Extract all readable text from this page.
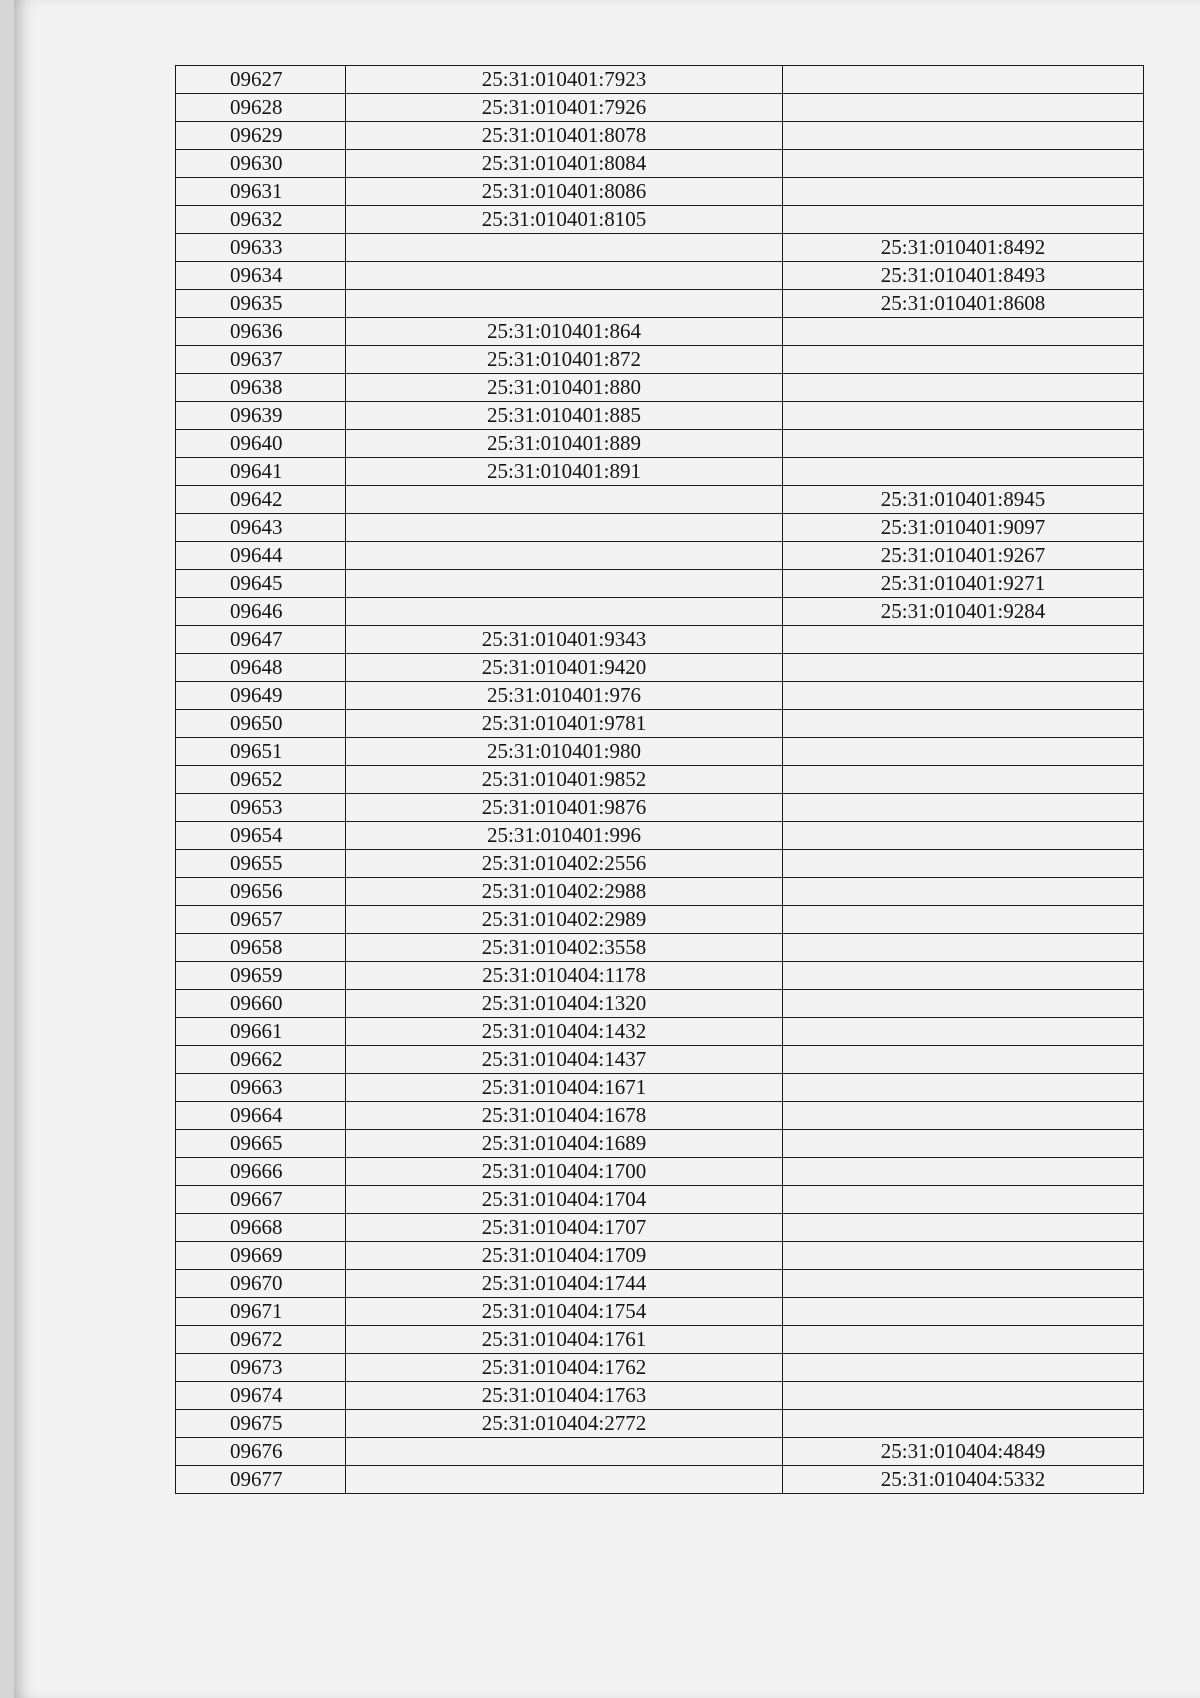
09627	25:31:010401:7923	
09628	25:31:010401:7926	
09629	25:31:010401:8078	
09630	25:31:010401:8084	
09631	25:31:010401:8086	
09632	25:31:010401:8105	
09633		25:31:010401:8492
09634		25:31:010401:8493
09635		25:31:010401:8608
09636	25:31:010401:864	
09637	25:31:010401:872	
09638	25:31:010401:880	
09639	25:31:010401:885	
09640	25:31:010401:889	
09641	25:31:010401:891	
09642		25:31:010401:8945
09643		25:31:010401:9097
09644		25:31:010401:9267
09645		25:31:010401:9271
09646		25:31:010401:9284
09647	25:31:010401:9343	
09648	25:31:010401:9420	
09649	25:31:010401:976	
09650	25:31:010401:9781	
09651	25:31:010401:980	
09652	25:31:010401:9852	
09653	25:31:010401:9876	
09654	25:31:010401:996	
09655	25:31:010402:2556	
09656	25:31:010402:2988	
09657	25:31:010402:2989	
09658	25:31:010402:3558	
09659	25:31:010404:1178	
09660	25:31:010404:1320	
09661	25:31:010404:1432	
09662	25:31:010404:1437	
09663	25:31:010404:1671	
09664	25:31:010404:1678	
09665	25:31:010404:1689	
09666	25:31:010404:1700	
09667	25:31:010404:1704	
09668	25:31:010404:1707	
09669	25:31:010404:1709	
09670	25:31:010404:1744	
09671	25:31:010404:1754	
09672	25:31:010404:1761	
09673	25:31:010404:1762	
09674	25:31:010404:1763	
09675	25:31:010404:2772	
09676		25:31:010404:4849
09677		25:31:010404:5332
